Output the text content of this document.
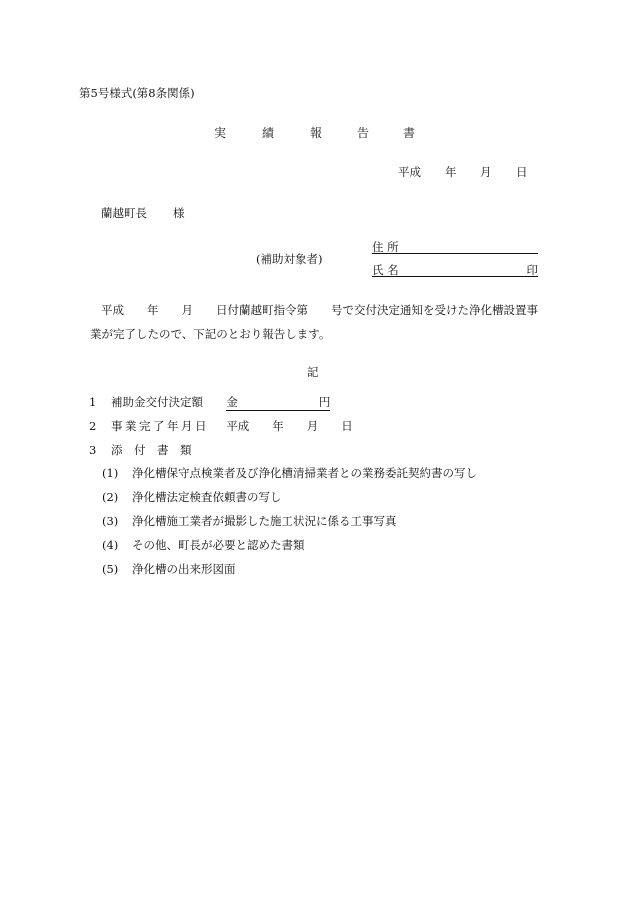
第5号様式(第8条関係)
実	績	報	告	書
平成 年 月 日
蘭越町長 様
(補助対象者)
住 所
氏 名	印
平成　　年　　月　　日付蘭越町指令第　　号で交付決定通知を受けた浄化槽設置事
業が完了したので、下記のとおり報告します。
記
1 補助金交付決定額 金	円
2 事業完了年月日 平成　　年　　月　　日
3 添　付　書　類
(1) 浄化槽保守点検業者及び浄化槽清掃業者との業務委託契約書の写し
(2) 浄化槽法定検査依頼書の写し
(3) 浄化槽施工業者が撮影した施工状況に係る工事写真
(4) その他、町長が必要と認めた書類
(5) 浄化槽の出来形図面
